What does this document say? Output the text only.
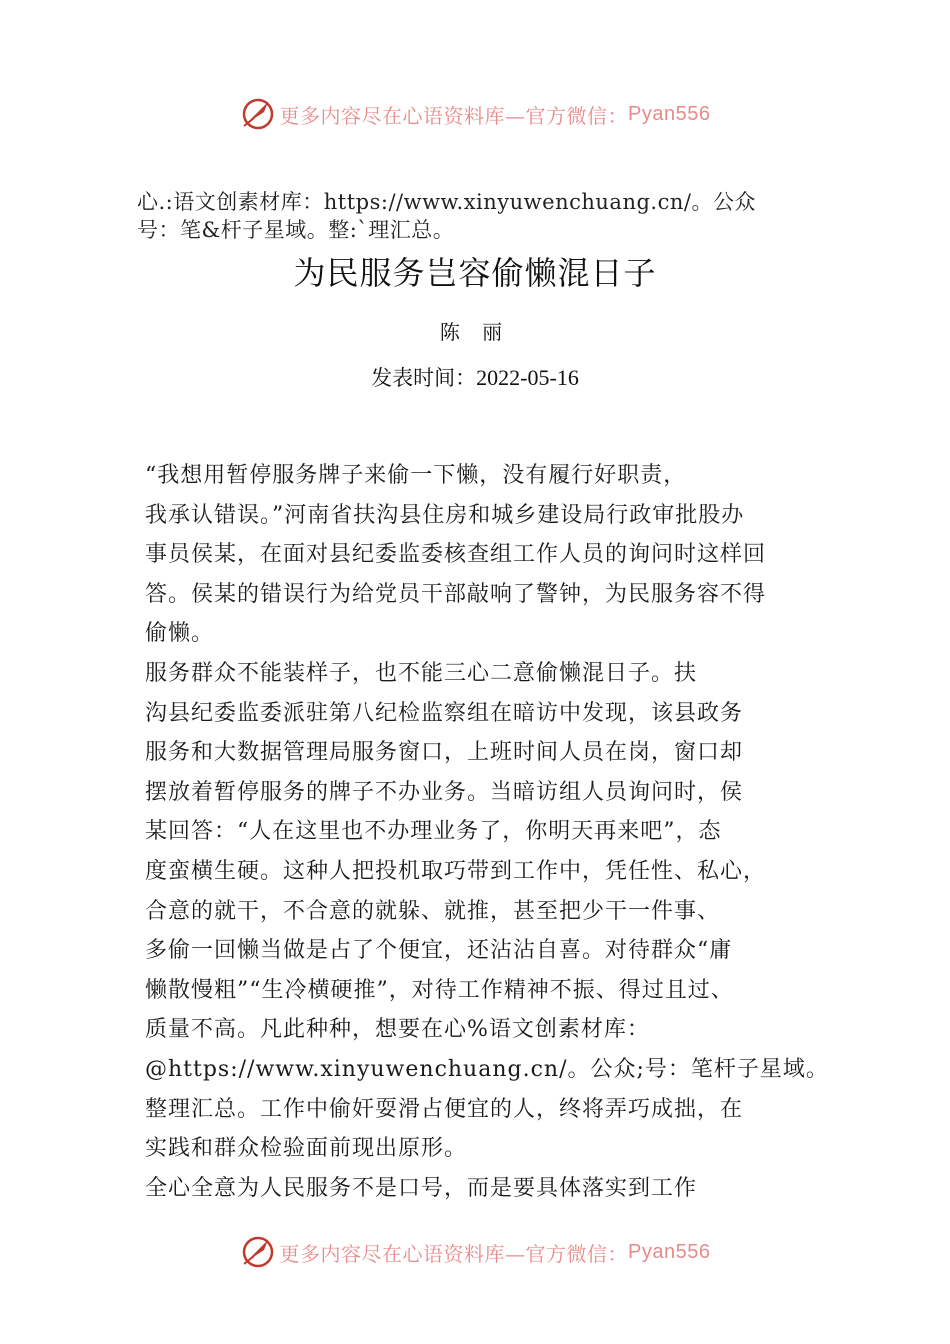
更多内容尽在心语资料库—官方微信： Pyan556
心.:语文创素材库：https://www.xinyuwenchuang.cn/。公众
号：笔&杆子星域。整:`理汇总。
为民服务岂容偷懒混日子
陈 丽
发表时间：2022-05-16
“我想用暂停服务牌子来偷一下懒，没有履行好职责，
我承认错误。”河南省扶沟县住房和城乡建设局行政审批股办
事员侯某，在面对县纪委监委核查组工作人员的询问时这样回
答。侯某的错误行为给党员干部敲响了警钟，为民服务容不得
偷懒。
服务群众不能装样子，也不能三心二意偷懒混日子。扶
沟县纪委监委派驻第八纪检监察组在暗访中发现，该县政务
服务和大数据管理局服务窗口，上班时间人员在岗，窗口却
摆放着暂停服务的牌子不办业务。当暗访组人员询问时，侯
某回答：“人在这里也不办理业务了，你明天再来吧”，态
度蛮横生硬。这种人把投机取巧带到工作中，凭任性、私心，
合意的就干，不合意的就躲、就推，甚至把少干一件事、
多偷一回懒当做是占了个便宜，还沾沾自喜。对待群众“庸
懒散慢粗”“生冷横硬推”，对待工作精神不振、得过且过、
质量不高。凡此种种，想要在心%语文创素材库：
@https://www.xinyuwenchuang.cn/。公众;号：笔杆子星域。
整理汇总。工作中偷奸耍滑占便宜的人，终将弄巧成拙，在
实践和群众检验面前现出原形。
全心全意为人民服务不是口号，而是要具体落实到工作
更多内容尽在心语资料库—官方微信： Pyan556
